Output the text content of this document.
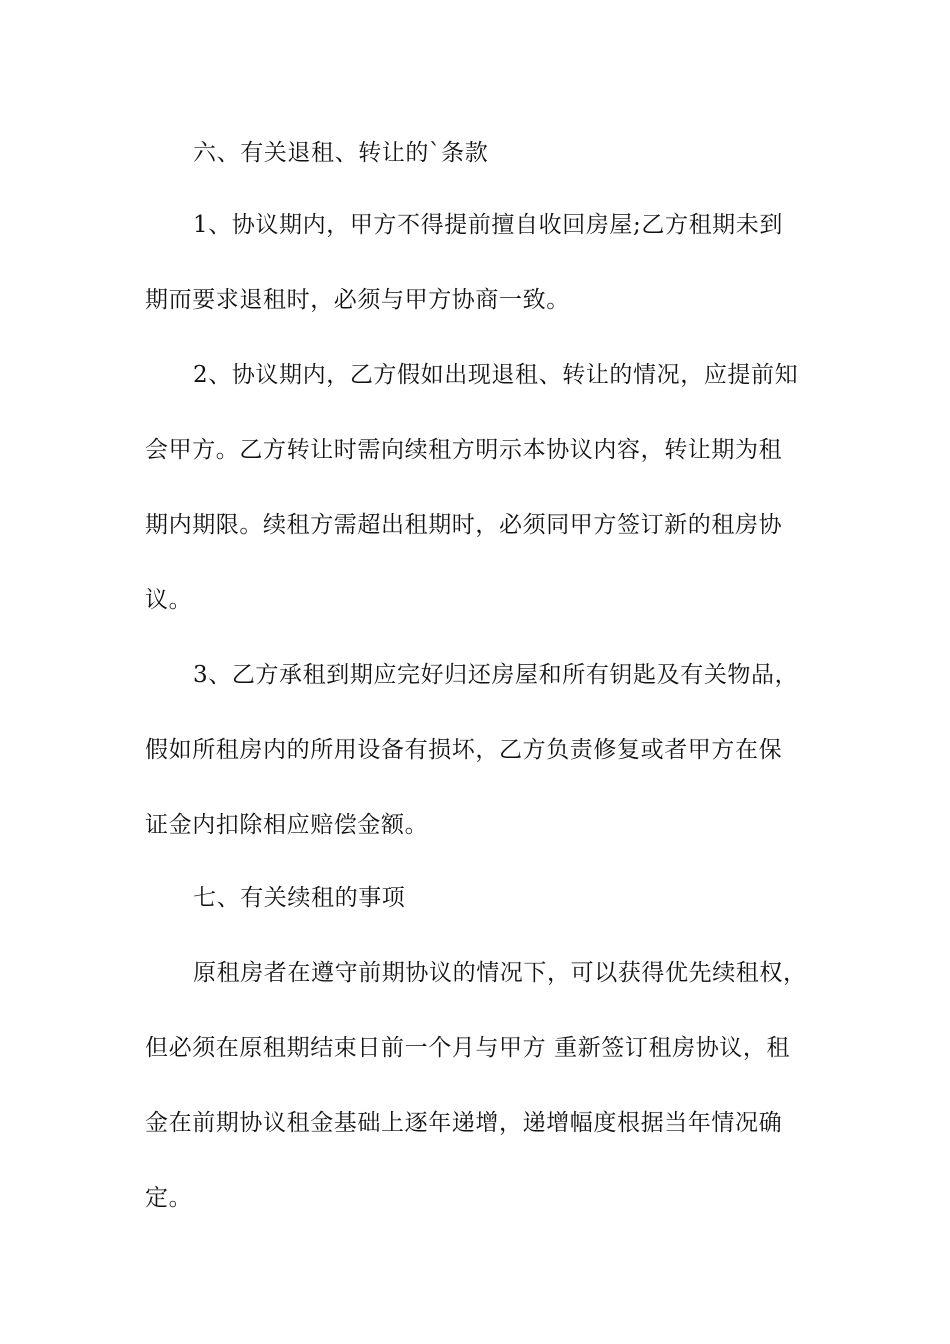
六、有关退租、转让的`条款
1、协议期内，甲方不得提前擅自收回房屋;乙方租期未到
期而要求退租时，必须与甲方协商一致。
2、协议期内，乙方假如出现退租、转让的情况，应提前知
会甲方。乙方转让时需向续租方明示本协议内容，转让期为租
期内期限。续租方需超出租期时，必须同甲方签订新的租房协
议。
3、乙方承租到期应完好归还房屋和所有钥匙及有关物品，
假如所租房内的所用设备有损坏，乙方负责修复或者甲方在保
证金内扣除相应赔偿金额。
七、有关续租的事项
原租房者在遵守前期协议的情况下，可以获得优先续租权，
但必须在原租期结束日前一个月与甲方 重新签订租房协议，租
金在前期协议租金基础上逐年递增，递增幅度根据当年情况确
定。
